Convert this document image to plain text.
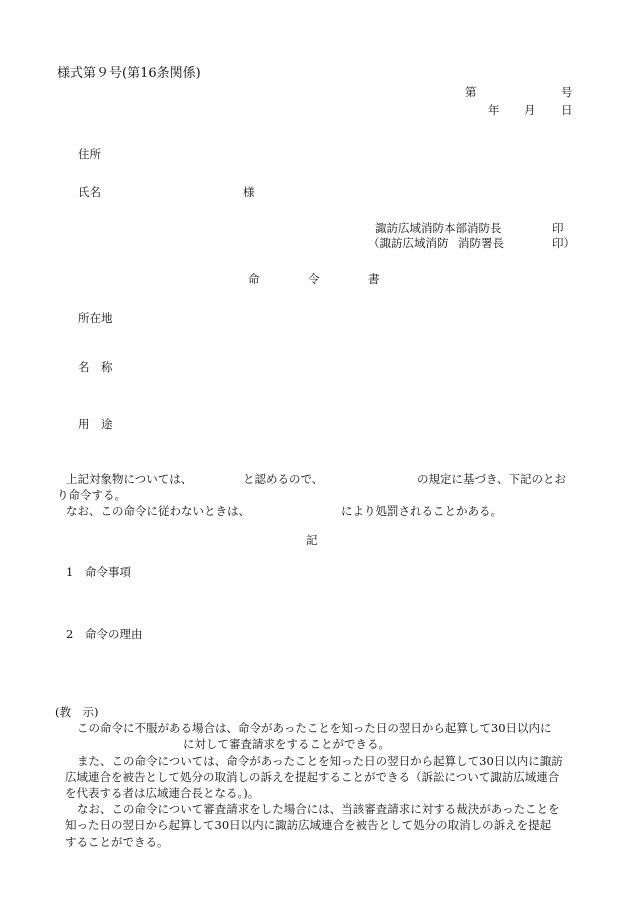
様式第９号(第16条関係)
第	号
年 月 日
住所
氏名	様
諏訪広域消防本部消防長	印
（諏訪広域消防 消防署長	印）
命	令	書
所在地
名　称
用　途
上記対象物については、	と認めるので、	の規定に基づき、下記のとお
り命令する。
なお、この命令に従わないときは、	により処罰されることかある。
記
1 命令事項
2 命令の理由

(教　示)

この命令に不服がある場合は、命令があったことを知った日の翌日から起算して30日以内に

に対して審査請求をすることができる。

また、この命令については、命令があったことを知った日の翌日から起算して30日以内に諏訪

広域連合を被告として処分の取消しの訴えを提起することができる（訴訟について諏訪広域連合

を代表する者は広域連合長となる。)。

なお、この命令について審査請求をした場合には、当該審査請求に対する裁決があったことを

知った日の翌日から起算して30日以内に諏訪広域連合を被告として処分の取消しの訴えを提起

することができる。
